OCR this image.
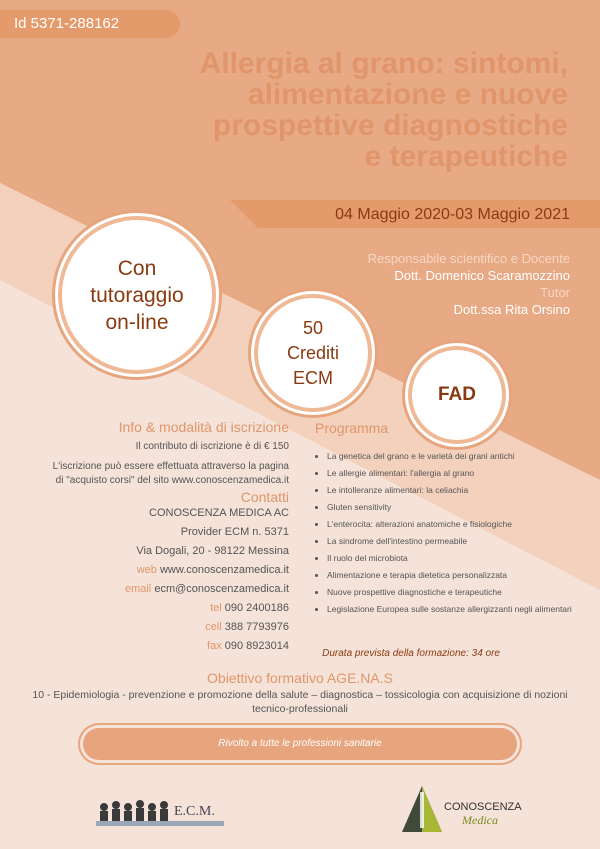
Id 5371-288162
Allergia al grano: sintomi,
alimentazione e nuove
prospettive diagnostiche
e terapeutiche
04 Maggio 2020-03 Maggio 2021
Responsabile scientifico e Docente
Dott. Domenico Scaramozzino
Tutor
Dott.ssa Rita Orsino
Con
tutoraggio
on-line	50
Crediti
ECM
FAD
Info & modalità di iscrizione
Il contributo di iscrizione è di € 150
L'iscrizione può essere effettuata attraverso la pagina
di "acquisto corsi" del sito www.conoscenzamedica.it
Contatti
CONOSCENZA MEDICA AC
Provider ECM n. 5371
Via Dogali, 20 - 98122 Messina
web www.conoscenzamedica.it
email ecm@conoscenzamedica.it
tel 090 2400186
cell 388 7793976
fax 090 8923014
Programma
• La genetica del grano e le varietà dei grani antichi
• Le allergie alimentari: l'allergia al grano
• Le intolleranze alimentari: la celiachia
• Gluten sensitivity
• L'enterocita: alterazioni anatomiche e fisiologiche
• La sindrome dell'intestino permeabile
• Il ruolo del microbiota
• Alimentazione e terapia dietetica personalizzata
• Nuove prospettive diagnostiche e terapeutiche
• Legislazione Europea sulle sostanze allergizzanti negli alimentari
Durata prevista della formazione: 34 ore
Obiettivo formativo AGE.NA.S
10 - Epidemiologia - prevenzione e promozione della salute – diagnostica – tossicologia con acquisizione di nozioni tecnico-professionali
Rivolto a tutte le professioni sanitarie
E.C.M.	CONOSCENZA
Medica
